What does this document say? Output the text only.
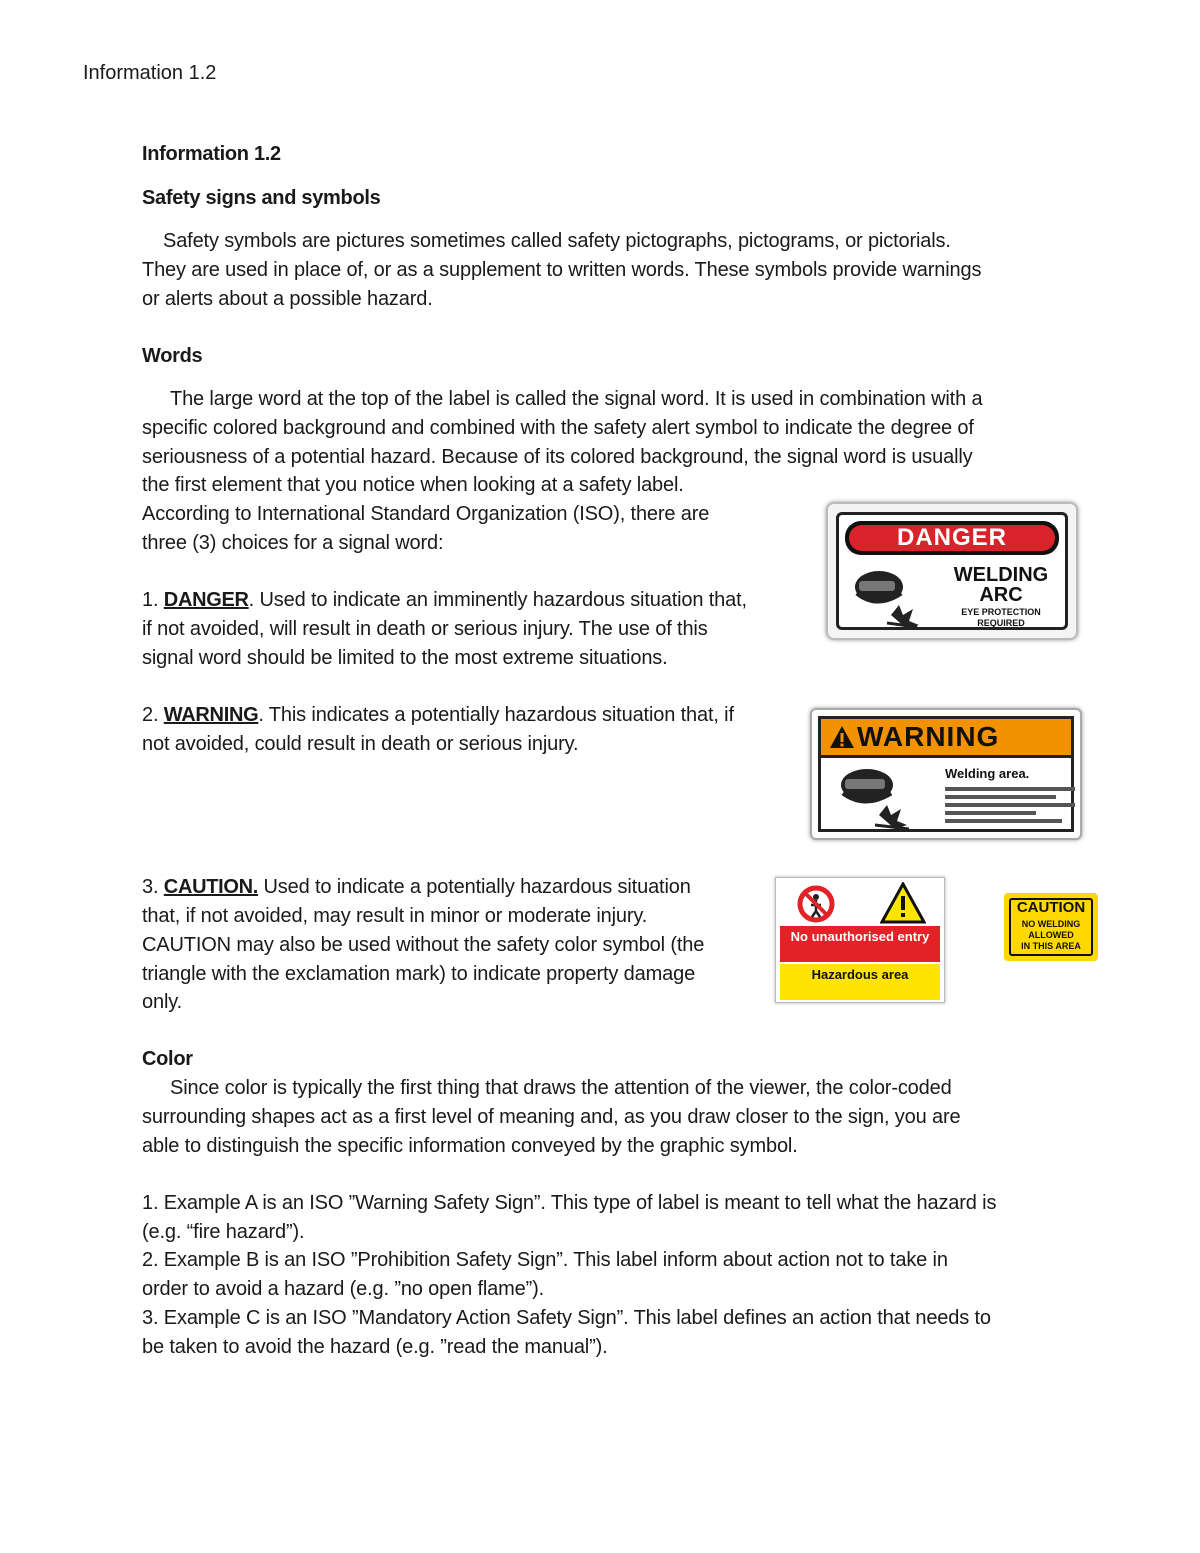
Information 1.2
Information 1.2
Safety signs and symbols
Safety symbols are pictures sometimes called safety pictographs, pictograms, or pictorials.
They are used in place of, or as a supplement to written words. These symbols provide warnings
or alerts about a possible hazard.
Words
The large word at the top of the label is called the signal word. It is used in combination with a
specific colored background and combined with the safety alert symbol to indicate the degree of
seriousness of a potential hazard. Because of its colored background, the signal word is usually
the first element that you notice when looking at a safety label.
According to International Standard Organization (ISO), there are
three (3) choices for a signal word:
1. DANGER. Used to indicate an imminently hazardous situation that,
if not avoided, will result in death or serious injury. The use of this
signal word should be limited to the most extreme situations.
2. WARNING. This indicates a potentially hazardous situation that, if
not avoided, could result in death or serious injury.
3. CAUTION. Used to indicate a potentially hazardous situation
that, if not avoided, may result in minor or moderate injury.
CAUTION may also be used without the safety color symbol (the
triangle with the exclamation mark) to indicate property damage
only.
Color
Since color is typically the first thing that draws the attention of the viewer, the color-coded
surrounding shapes act as a first level of meaning and, as you draw closer to the sign, you are
able to distinguish the specific information conveyed by the graphic symbol.
1. Example A is an ISO ”Warning Safety Sign”. This type of label is meant to tell what the hazard is
(e.g. “fire hazard”).
2. Example B is an ISO ”Prohibition Safety Sign”. This label inform about action not to take in
order to avoid a hazard (e.g. ”no open flame”).
3. Example C is an ISO ”Mandatory Action Safety Sign”. This label defines an action that needs to
be taken to avoid the hazard (e.g. ”read the manual”).
DANGER
WELDING
ARC
EYE PROTECTION
REQUIRED
WARNING
Welding area.
No unauthorised entry
Hazardous area
CAUTION
NO WELDING
ALLOWED
IN THIS AREA
